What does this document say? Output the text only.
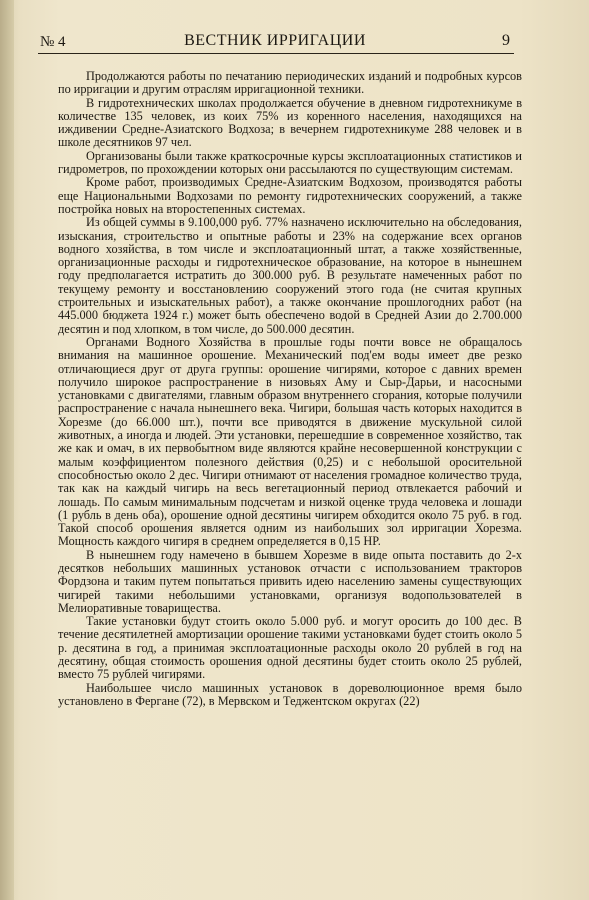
№ 4	ВЕСТНИК ИРРИГАЦИИ	9

Продолжаются работы по печатанию периодических изданий и подробных курсов по ирригации и другим отраслям ирригационной техники.

В гидротехнических школах продолжается обучение в дневном гидротехникуме в количестве 135 человек, из коих 75% из коренного населения, находящихся на иждивении Средне-Азиатского Водхоза; в вечернем гидротехникуме 288 человек и в школе десятников 97 чел.

Организованы были также краткосрочные курсы эксплоатационных статистиков и гидрометров, по прохождении которых они рассылаются по существующим системам.

Кроме работ, производимых Средне-Азиатским Водхозом, производятся работы еще Национальными Водхозами по ремонту гидротехнических сооружений, а также постройка новых на второстепенных системах.

Из общей суммы в 9.100,000 руб. 77% назначено исключительно на обследования, изыскания, строительство и опытные работы и 23% на содержание всех органов водного хозяйства, в том числе и эксплоатационный штат, а также хозяйственные, организационные расходы и гидротехническое образование, на которое в нынешнем году предполагается истратить до 300.000 руб. В результате намеченных работ по текущему ремонту и восстановлению сооружений этого года (не считая крупных строительных и изыскательных работ), а также окончание прошлогодних работ (на 445.000 бюджета 1924 г.) может быть обеспечено водой в Средней Азии до 2.700.000 десятин и под хлопком, в том числе, до 500.000 десятин.

Органами Водного Хозяйства в прошлые годы почти вовсе не обращалось внимания на машинное орошение. Механический под'ем воды имеет две резко отличающиеся друг от друга группы: орошение чигирями, которое с давних времен получило широкое распространение в низовьях Аму и Сыр-Дарьи, и насосными установками с двигателями, главным образом внутреннего сгорания, которые получили распространение с начала нынешнего века. Чигири, большая часть которых находится в Хорезме (до 66.000 шт.), почти все приводятся в движение мускульной силой животных, а иногда и людей. Эти установки, перешедшие в современное хозяйство, так же как и омач, в их первобытном виде являются крайне несовершенной конструкции с малым коэффициентом полезного действия (0,25) и с небольшой оросительной способностью около 2 дес. Чигири отнимают от населения громадное количество труда, так как на каждый чигирь на весь вегетационный период отвлекается рабочий и лошадь. По самым минимальным подсчетам и низкой оценке труда человека и лошади (1 рубль в день оба), орошение одной десятины чигирем обходится около 75 руб. в год. Такой способ орошения является одним из наибольших зол ирригации Хорезма. Мощность каждого чигиря в среднем определяется в 0,15 HP.

В нынешнем году намечено в бывшем Хорезме в виде опыта поставить до 2-х десятков небольших машинных установок отчасти с использованием тракторов Фордзона и таким путем попытаться привить идею населению замены существующих чигирей такими небольшими установками, организуя водопользователей в Мелиоративные товарищества.

Такие установки будут стоить около 5.000 руб. и могут оросить до 100 дес. В течение десятилетней амортизации орошение такими установками будет стоить около 5 р. десятина в год, а принимая эксплоатационные расходы около 20 рублей в год на десятину, общая стоимость орошения одной десятины будет стоить около 25 рублей, вместо 75 рублей чигирями.

Наибольшее число машинных установок в дореволюционное время было установлено в Фергане (72), в Мервском и Теджентском округах (22)
